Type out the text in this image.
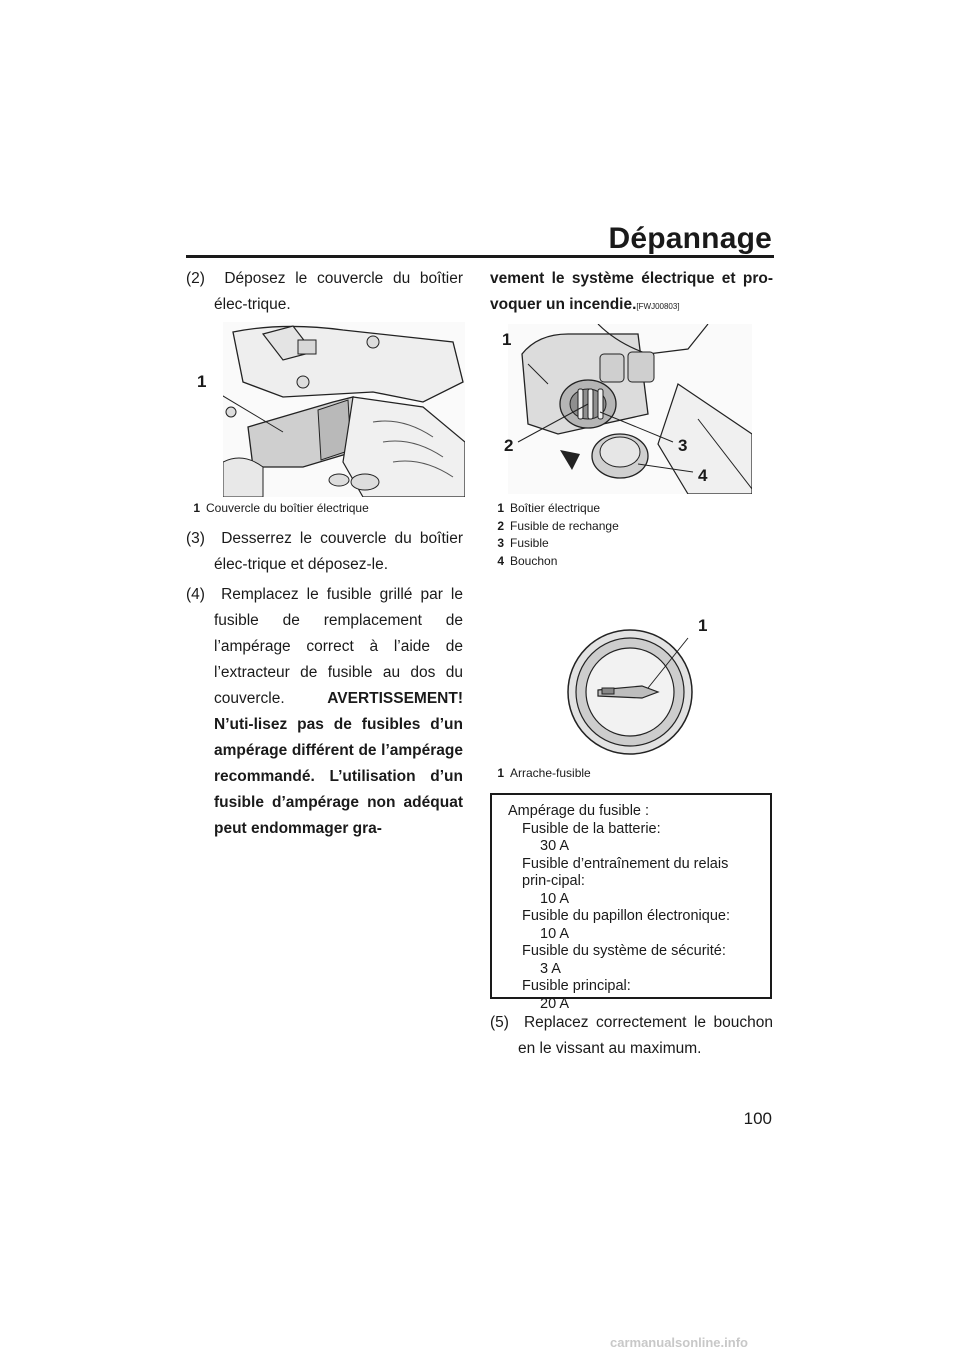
Dépannage

(2) Déposez le couvercle du boîtier élec-trique.

1
1 Couvercle du boîtier électrique

(3) Desserrez le couvercle du boîtier élec-trique et déposez-le.

(4) Remplacez le fusible grillé par le fusible de remplacement de l’ampérage correct à l’aide de l’extracteur de fusible au dos du couvercle.	AVERTISSEMENT! N’uti-lisez pas de fusibles d’un ampérage différent de l’ampérage recommandé. L’utilisation d’un fusible d’ampérage non adéquat peut endommager gra-

vement le système électrique et pro-voquer un incendie.[FWJ00803]

1
2	3
4
1 Boîtier électrique
2 Fusible de rechange
3 Fusible
4 Bouchon
1
1 Arrache-fusible
Ampérage du fusible :
Fusible de la batterie:
30 A
Fusible d’entraînement du relais prin-cipal:
10 A
Fusible du papillon électronique:
10 A
Fusible du système de sécurité:
3 A
Fusible principal:
20 A

(5) Replacez correctement le bouchon en le vissant au maximum.

100
carmanualsonline.info
